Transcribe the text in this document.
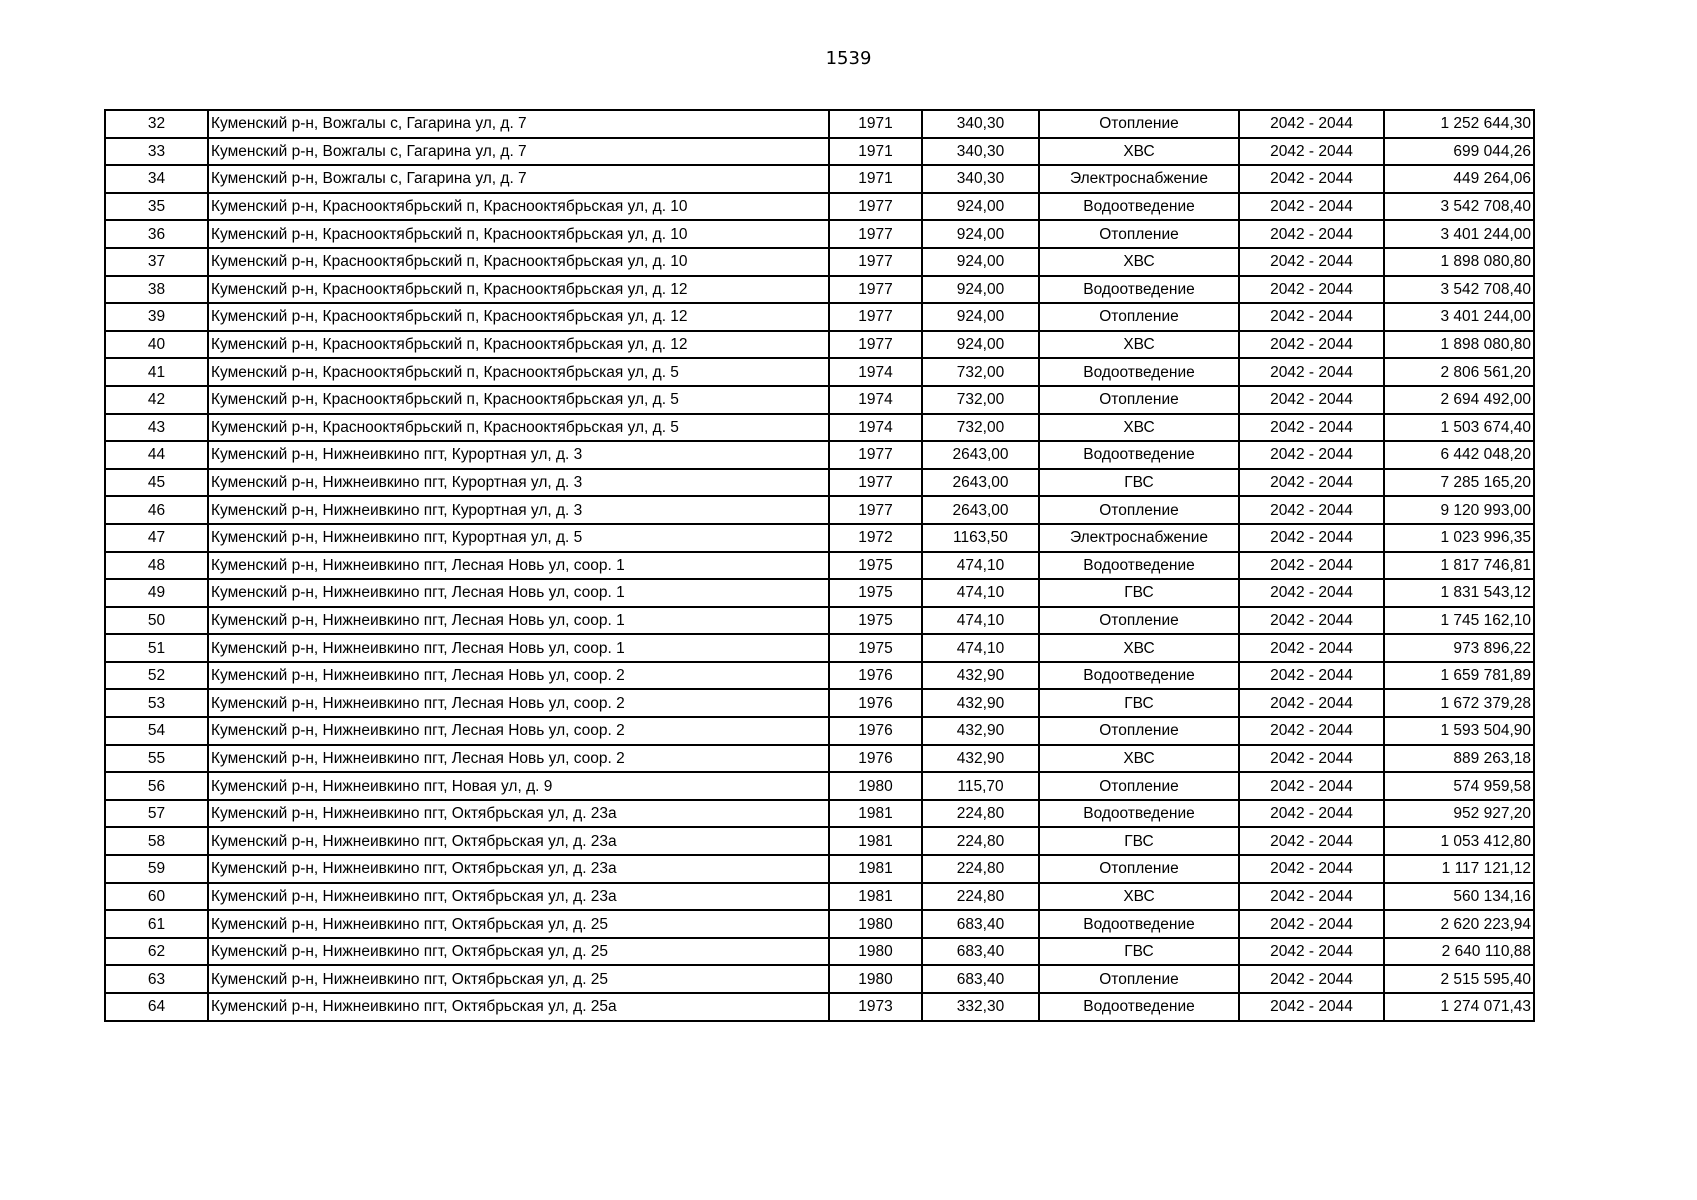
1539
32	Куменский р-н, Вожгалы с, Гагарина ул, д. 7	1971	340,30	Отопление	2042 - 2044	1 252 644,30
33	Куменский р-н, Вожгалы с, Гагарина ул, д. 7	1971	340,30	ХВС	2042 - 2044	699 044,26
34	Куменский р-н, Вожгалы с, Гагарина ул, д. 7	1971	340,30	Электроснабжение	2042 - 2044	449 264,06
35	Куменский р-н, Краснооктябрьский п, Краснооктябрьская ул, д. 10	1977	924,00	Водоотведение	2042 - 2044	3 542 708,40
36	Куменский р-н, Краснооктябрьский п, Краснооктябрьская ул, д. 10	1977	924,00	Отопление	2042 - 2044	3 401 244,00
37	Куменский р-н, Краснооктябрьский п, Краснооктябрьская ул, д. 10	1977	924,00	ХВС	2042 - 2044	1 898 080,80
38	Куменский р-н, Краснооктябрьский п, Краснооктябрьская ул, д. 12	1977	924,00	Водоотведение	2042 - 2044	3 542 708,40
39	Куменский р-н, Краснооктябрьский п, Краснооктябрьская ул, д. 12	1977	924,00	Отопление	2042 - 2044	3 401 244,00
40	Куменский р-н, Краснооктябрьский п, Краснооктябрьская ул, д. 12	1977	924,00	ХВС	2042 - 2044	1 898 080,80
41	Куменский р-н, Краснооктябрьский п, Краснооктябрьская ул, д. 5	1974	732,00	Водоотведение	2042 - 2044	2 806 561,20
42	Куменский р-н, Краснооктябрьский п, Краснооктябрьская ул, д. 5	1974	732,00	Отопление	2042 - 2044	2 694 492,00
43	Куменский р-н, Краснооктябрьский п, Краснооктябрьская ул, д. 5	1974	732,00	ХВС	2042 - 2044	1 503 674,40
44	Куменский р-н, Нижнеивкино пгт, Курортная ул, д. 3	1977	2643,00	Водоотведение	2042 - 2044	6 442 048,20
45	Куменский р-н, Нижнеивкино пгт, Курортная ул, д. 3	1977	2643,00	ГВС	2042 - 2044	7 285 165,20
46	Куменский р-н, Нижнеивкино пгт, Курортная ул, д. 3	1977	2643,00	Отопление	2042 - 2044	9 120 993,00
47	Куменский р-н, Нижнеивкино пгт, Курортная ул, д. 5	1972	1163,50	Электроснабжение	2042 - 2044	1 023 996,35
48	Куменский р-н, Нижнеивкино пгт, Лесная Новь ул, соор. 1	1975	474,10	Водоотведение	2042 - 2044	1 817 746,81
49	Куменский р-н, Нижнеивкино пгт, Лесная Новь ул, соор. 1	1975	474,10	ГВС	2042 - 2044	1 831 543,12
50	Куменский р-н, Нижнеивкино пгт, Лесная Новь ул, соор. 1	1975	474,10	Отопление	2042 - 2044	1 745 162,10
51	Куменский р-н, Нижнеивкино пгт, Лесная Новь ул, соор. 1	1975	474,10	ХВС	2042 - 2044	973 896,22
52	Куменский р-н, Нижнеивкино пгт, Лесная Новь ул, соор. 2	1976	432,90	Водоотведение	2042 - 2044	1 659 781,89
53	Куменский р-н, Нижнеивкино пгт, Лесная Новь ул, соор. 2	1976	432,90	ГВС	2042 - 2044	1 672 379,28
54	Куменский р-н, Нижнеивкино пгт, Лесная Новь ул, соор. 2	1976	432,90	Отопление	2042 - 2044	1 593 504,90
55	Куменский р-н, Нижнеивкино пгт, Лесная Новь ул, соор. 2	1976	432,90	ХВС	2042 - 2044	889 263,18
56	Куменский р-н, Нижнеивкино пгт, Новая ул, д. 9	1980	115,70	Отопление	2042 - 2044	574 959,58
57	Куменский р-н, Нижнеивкино пгт, Октябрьская ул, д. 23а	1981	224,80	Водоотведение	2042 - 2044	952 927,20
58	Куменский р-н, Нижнеивкино пгт, Октябрьская ул, д. 23а	1981	224,80	ГВС	2042 - 2044	1 053 412,80
59	Куменский р-н, Нижнеивкино пгт, Октябрьская ул, д. 23а	1981	224,80	Отопление	2042 - 2044	1 117 121,12
60	Куменский р-н, Нижнеивкино пгт, Октябрьская ул, д. 23а	1981	224,80	ХВС	2042 - 2044	560 134,16
61	Куменский р-н, Нижнеивкино пгт, Октябрьская ул, д. 25	1980	683,40	Водоотведение	2042 - 2044	2 620 223,94
62	Куменский р-н, Нижнеивкино пгт, Октябрьская ул, д. 25	1980	683,40	ГВС	2042 - 2044	2 640 110,88
63	Куменский р-н, Нижнеивкино пгт, Октябрьская ул, д. 25	1980	683,40	Отопление	2042 - 2044	2 515 595,40
64	Куменский р-н, Нижнеивкино пгт, Октябрьская ул, д. 25а	1973	332,30	Водоотведение	2042 - 2044	1 274 071,43
